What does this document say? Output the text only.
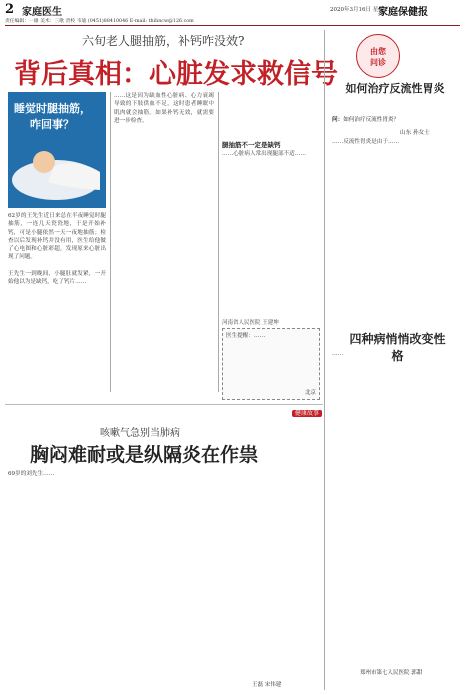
2 家庭医生	2020年3月16日 星期三
家庭保健报
责任编辑：一雄 美术：三歌 责校 韦迪 (0451)88410046 E-mail: thihncw@126.com
六旬老人腿抽筋，补钙咋没效?
背后真相：心脏发求救信号
睡觉时腿抽筋，
咋回事？
62岁的王先生近日来总在半夜睡觉时腿抽筋，一连几天瓷瓷地，于是开始补钙，可是小腿依然一天一夜地抽筋；检查以后发现补钙并没有用，医生给他做了心电图和心脏彩超，发现原来心脏出现了问题。

王先生一到晚间，小腿肚就发紧，一开始他以为是缺钙，吃了钙片……
……这是因为缺血性心脏病、心力衰竭导致的下肢供血不足，这时患者睡眠中肌肉就会抽筋。如果补钙无效，就需要进一步检查。
腿抽筋不一定是缺钙
……心脏病人常出现腿部不适……
河南省人民医院 王建坤
医生提醒：……
北京
健康故事
由您
问诊
如何治疗反流性胃炎
问：如何治疗反流性胃炎？
山东 孙女士
……反流性胃炎是由于……
四种病悄悄改变性格
……
郑州市第七人民医院 郭甜
咳嗽气急别当肺病
胸闷难耐或是纵隔炎在作祟
69岁的刘先生……
王磊 宋伟建
